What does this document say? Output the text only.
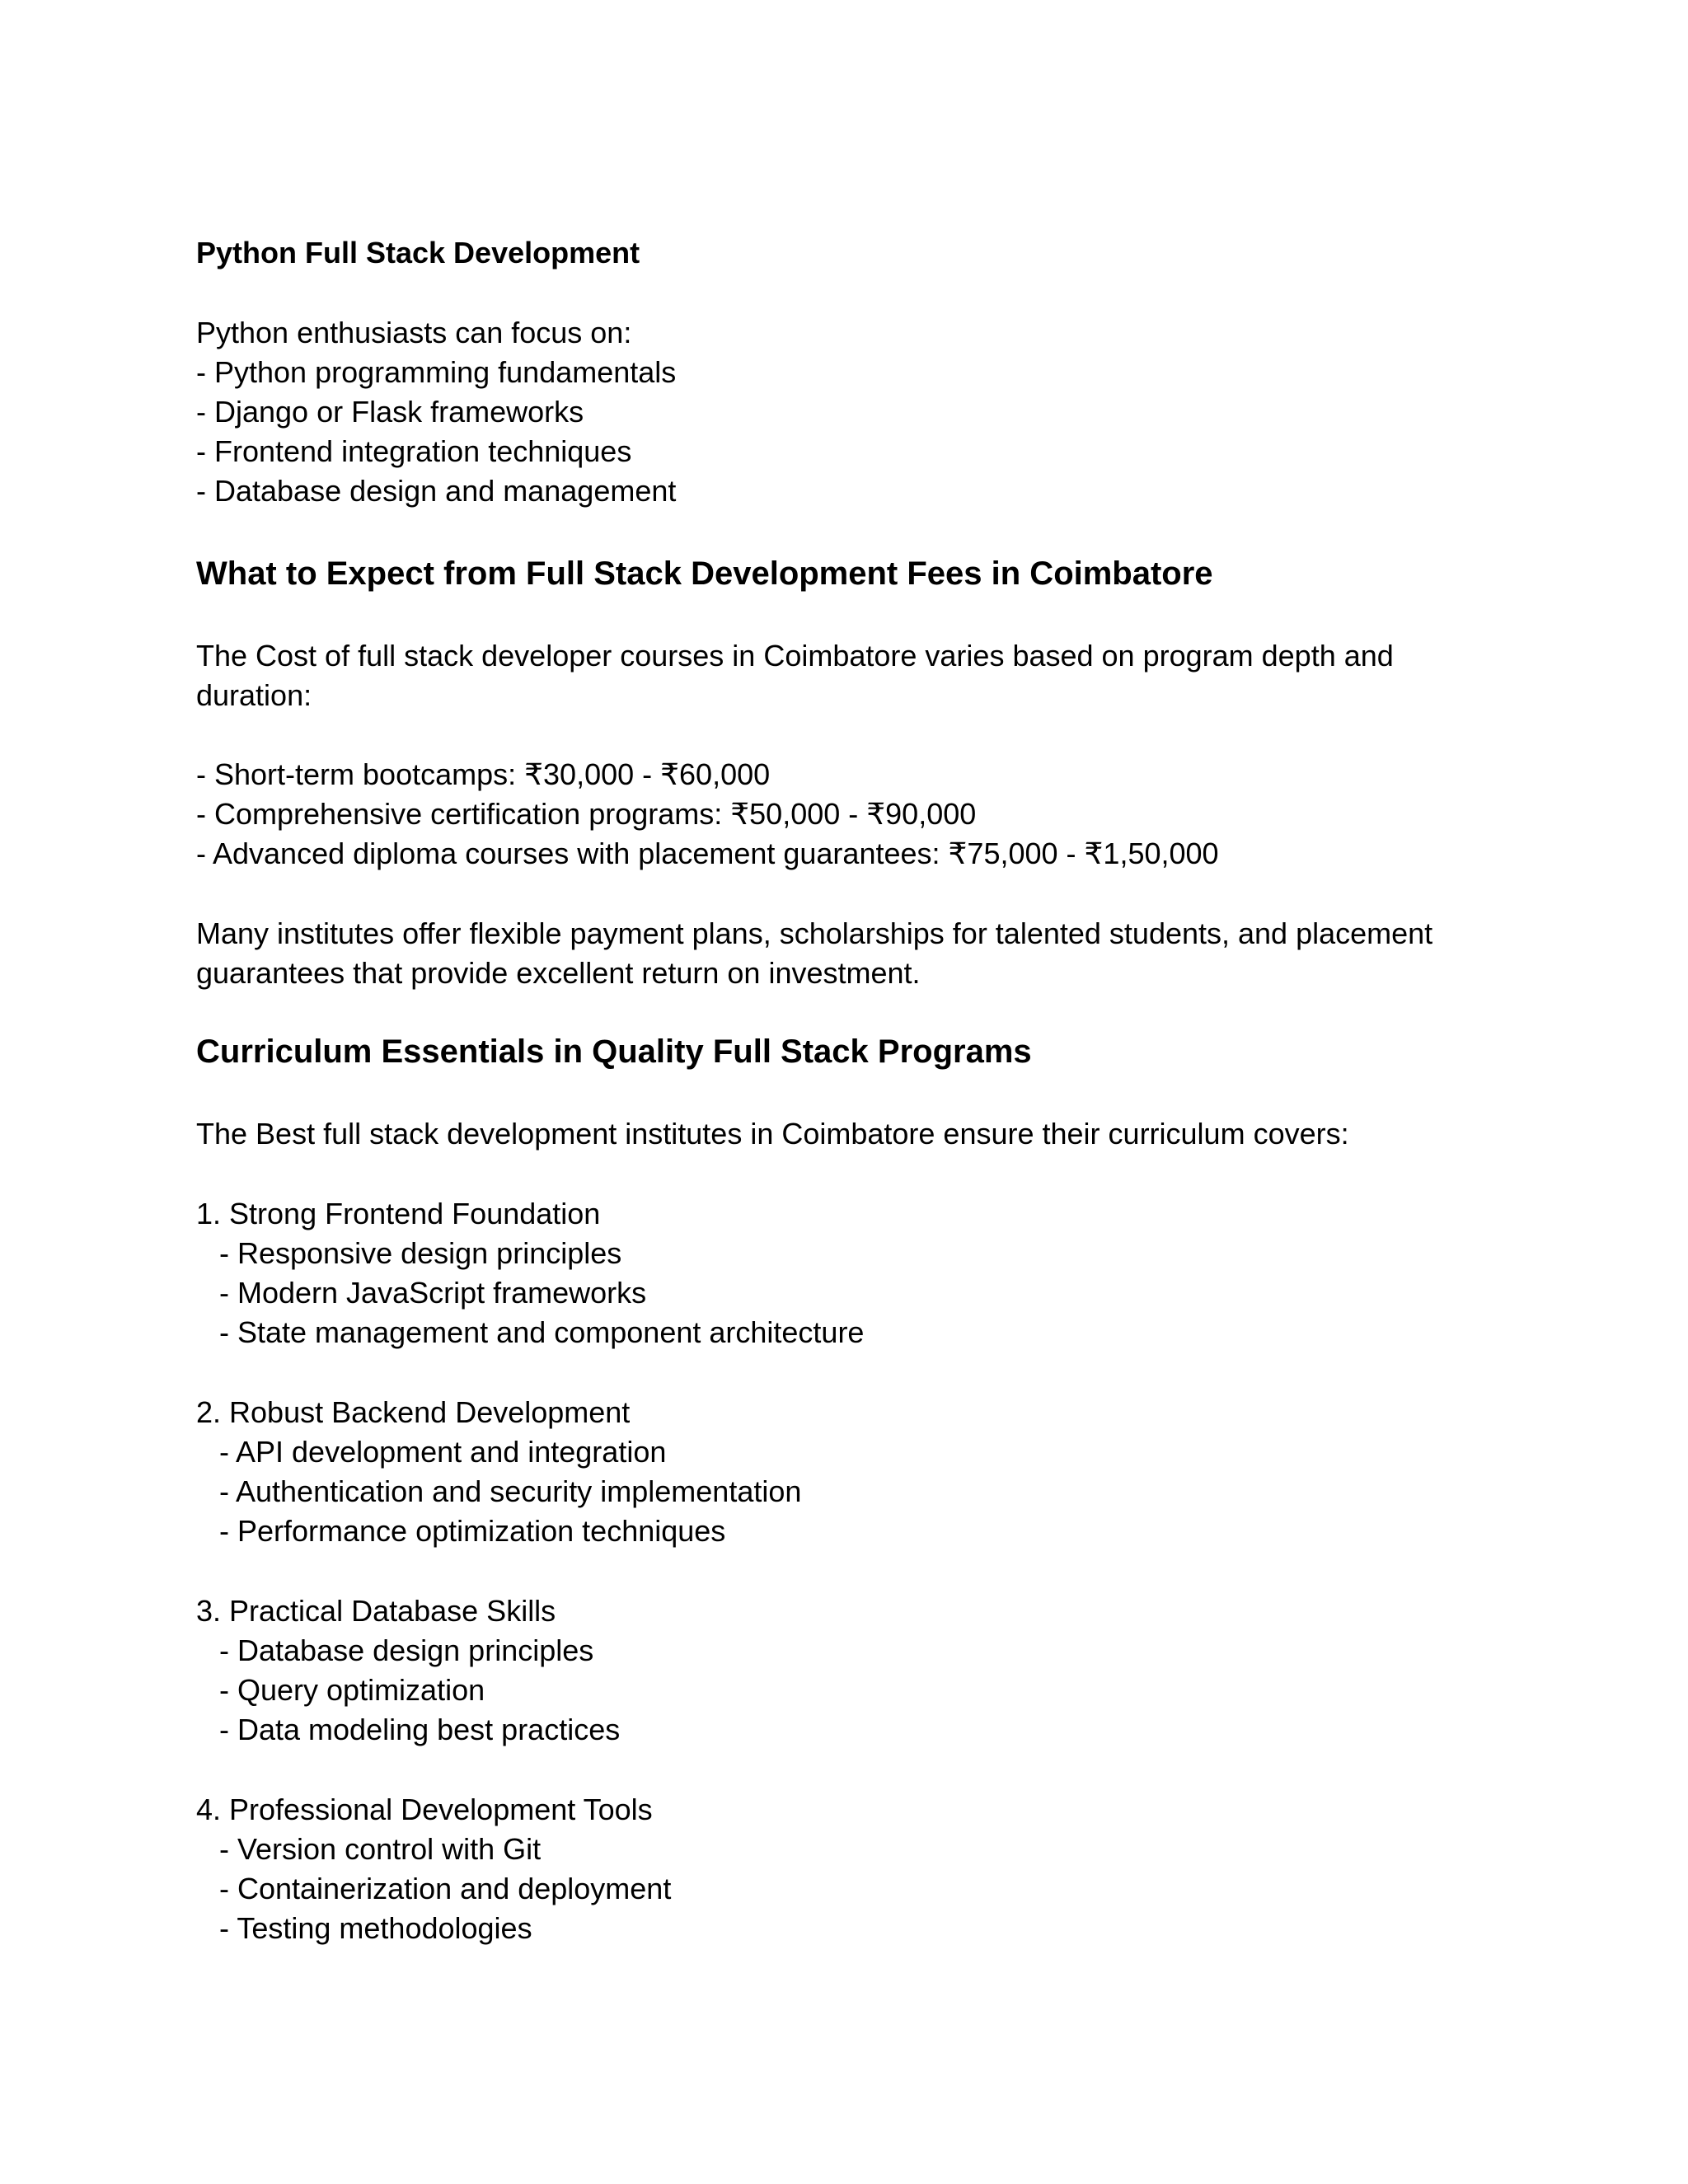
Python Full Stack Development
Python enthusiasts can focus on:
- Python programming fundamentals
- Django or Flask frameworks
- Frontend integration techniques
- Database design and management
What to Expect from Full Stack Development Fees in Coimbatore
The Cost of full stack developer courses in Coimbatore varies based on program depth and
duration:
- Short-term bootcamps: ₹30,000 - ₹60,000
- Comprehensive certification programs: ₹50,000 - ₹90,000
- Advanced diploma courses with placement guarantees: ₹75,000 - ₹1,50,000
Many institutes offer flexible payment plans, scholarships for talented students, and placement
guarantees that provide excellent return on investment.
Curriculum Essentials in Quality Full Stack Programs
The Best full stack development institutes in Coimbatore ensure their curriculum covers:
1. Strong Frontend Foundation
- Responsive design principles
- Modern JavaScript frameworks
- State management and component architecture
2. Robust Backend Development
- API development and integration
- Authentication and security implementation
- Performance optimization techniques
3. Practical Database Skills
- Database design principles
- Query optimization
- Data modeling best practices
4. Professional Development Tools
- Version control with Git
- Containerization and deployment
- Testing methodologies
